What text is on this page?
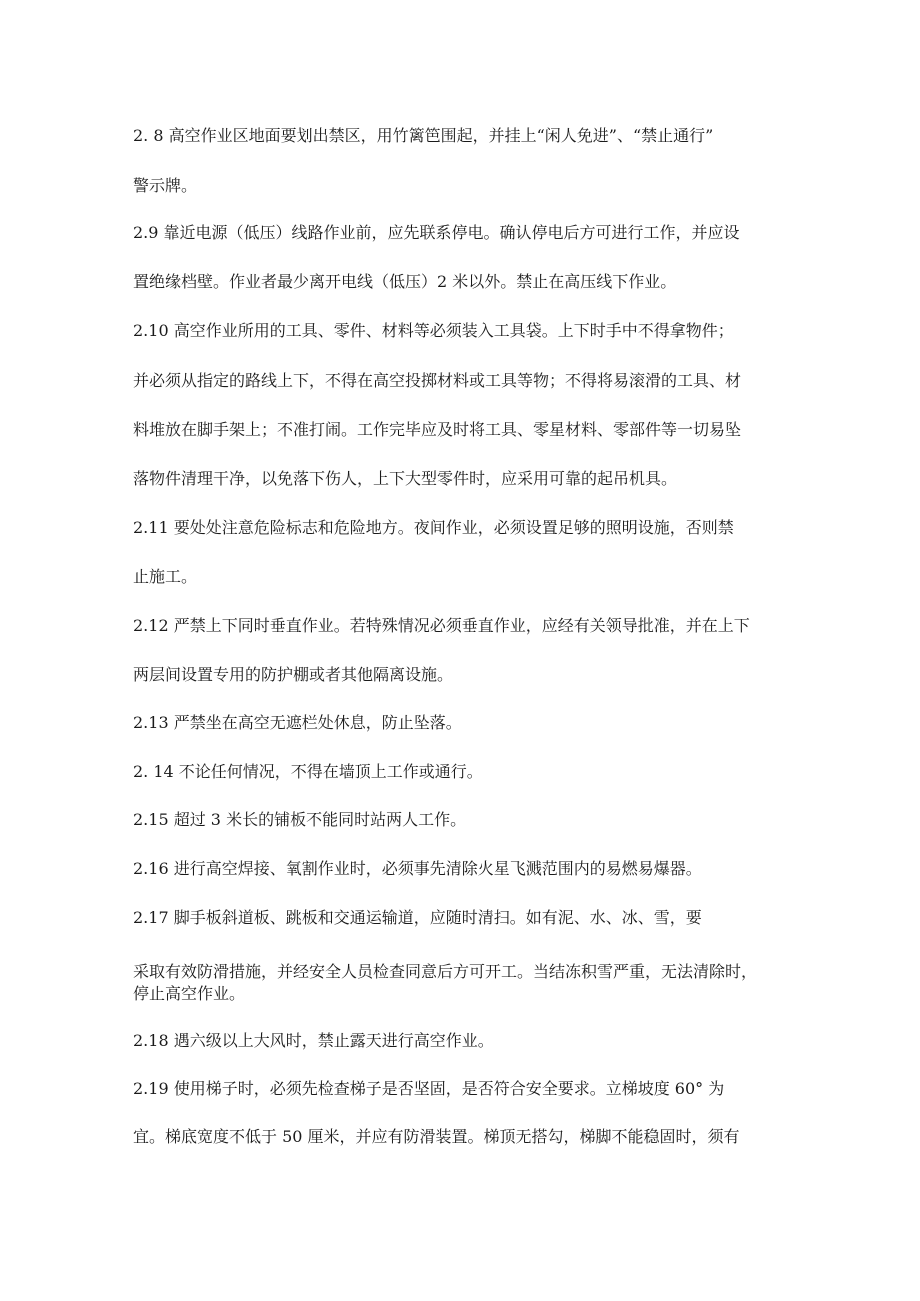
2. 8 高空作业区地面要划出禁区，用竹篱笆围起，并挂上“闲人免进”、“禁止通行”
警示牌。
2.9 靠近电源（低压）线路作业前，应先联系停电。确认停电后方可进行工作，并应设
置绝缘档壁。作业者最少离开电线（低压）2 米以外。禁止在高压线下作业。
2.10 高空作业所用的工具、零件、材料等必须装入工具袋。上下时手中不得拿物件；
并必须从指定的路线上下，不得在高空投掷材料或工具等物；不得将易滚滑的工具、材
料堆放在脚手架上；不准打闹。工作完毕应及时将工具、零星材料、零部件等一切易坠
落物件清理干净，以免落下伤人，上下大型零件时，应采用可靠的起吊机具。
2.11 要处处注意危险标志和危险地方。夜间作业，必须设置足够的照明设施，否则禁
止施工。
2.12 严禁上下同时垂直作业。若特殊情况必须垂直作业，应经有关领导批准，并在上下
两层间设置专用的防护棚或者其他隔离设施。
2.13 严禁坐在高空无遮栏处休息，防止坠落。
2. 14 不论任何情况，不得在墙顶上工作或通行。
2.15 超过 3 米长的铺板不能同时站两人工作。
2.16 进行高空焊接、氧割作业时，必须事先清除火星飞溅范围内的易燃易爆器。
2.17 脚手板斜道板、跳板和交通运输道，应随时清扫。如有泥、水、冰、雪，要
采取有效防滑措施，并经安全人员检查同意后方可开工。当结冻积雪严重，无法清除时，
停止高空作业。
2.18 遇六级以上大风时，禁止露天进行高空作业。
2.19 使用梯子时，必须先检查梯子是否坚固，是否符合安全要求。立梯坡度 60° 为
宜。梯底宽度不低于 50 厘米，并应有防滑装置。梯顶无搭勾，梯脚不能稳固时，须有
